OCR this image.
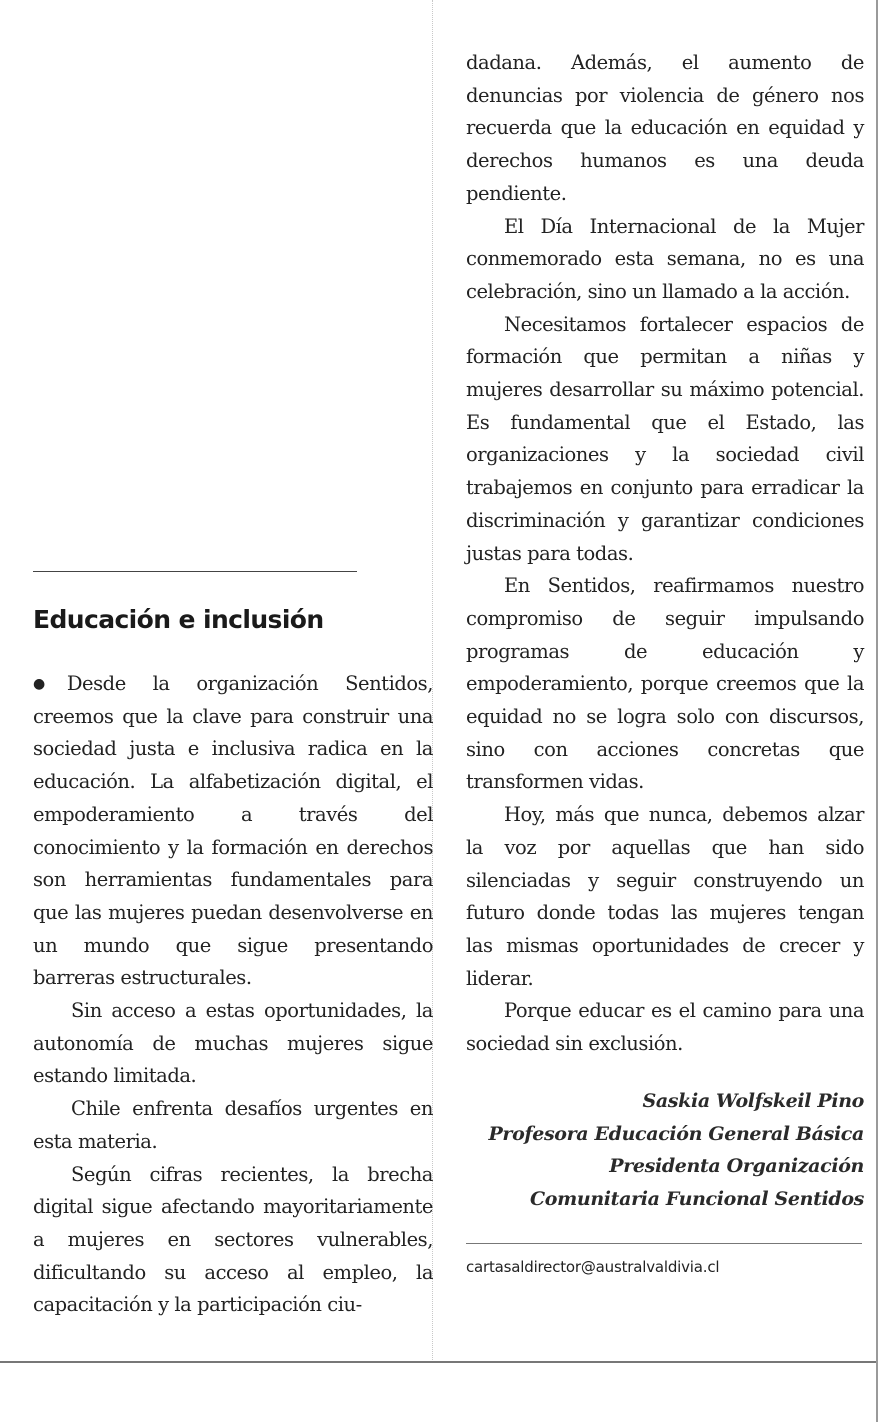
Educación e inclusión

●Desde la organización Sentidos, creemos que la clave para construir una sociedad justa e inclusiva radica en la educación. La alfabetización digital, el empoderamiento a través del conocimiento y la formación en derechos son herramientas fundamentales para que las mujeres puedan desenvolverse en un mundo que sigue presentando barreras estructurales.

Sin acceso a estas oportunidades, la autonomía de muchas mujeres sigue estando limitada.

Chile enfrenta desafíos urgentes en esta materia.

Según cifras recientes, la brecha digital sigue afectando mayoritariamente a mujeres en sectores vulnerables, dificultando su acceso al empleo, la capacitación y la participación ciu-

dadana. Además, el aumento de denuncias por violencia de género nos recuerda que la educación en equidad y derechos humanos es una deuda pendiente.

El Día Internacional de la Mujer conmemorado esta semana, no es una celebración, sino un llamado a la acción.

Necesitamos fortalecer espacios de formación que permitan a niñas y mujeres desarrollar su máximo potencial. Es fundamental que el Estado, las organizaciones y la sociedad civil trabajemos en conjunto para erradicar la discriminación y garantizar condiciones justas para todas.

En Sentidos, reafirmamos nuestro compromiso de seguir impulsando programas de educación y empoderamiento, porque creemos que la equidad no se logra solo con discursos, sino con acciones concretas que transformen vidas.

Hoy, más que nunca, debemos alzar la voz por aquellas que han sido silenciadas y seguir construyendo un futuro donde todas las mujeres tengan las mismas oportunidades de crecer y liderar.

Porque educar es el camino para una sociedad sin exclusión.

Saskia Wolfskeil Pino
Profesora Educación General Básica
Presidenta Organización
Comunitaria Funcional Sentidos
cartasaldirector@australvaldivia.cl
